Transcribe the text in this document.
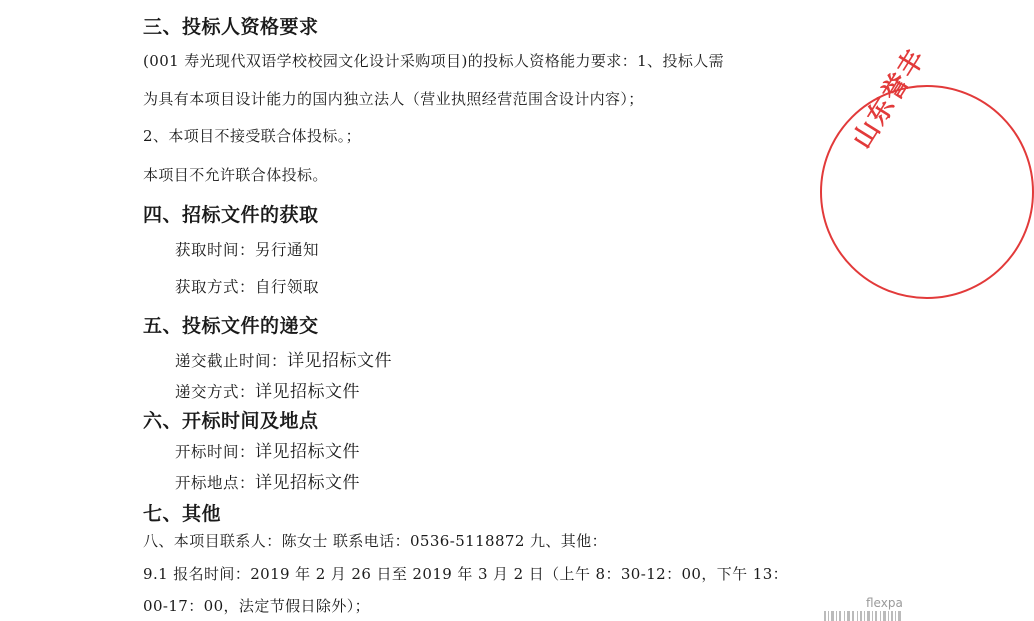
三、投标人资格要求
(001 寿光现代双语学校校园文化设计采购项目)的投标人资格能力要求：1、投标人需
为具有本项目设计能力的国内独立法人（营业执照经营范围含设计内容）；
2、本项目不接受联合体投标。；
本项目不允许联合体投标。
四、招标文件的获取
获取时间：另行通知
获取方式：自行领取
五、投标文件的递交
递交截止时间：详见招标文件
递交方式：详见招标文件
六、开标时间及地点
开标时间：详见招标文件
开标地点：详见招标文件
七、其他
八、本项目联系人：陈女士 联系电话：0536-5118872 九、其他：
9.1 报名时间：2019 年 2 月 26 日至 2019 年 3 月 2 日（上午 8：30-12：00，下午 13：
00-17：00，法定节假日除外）；
山东誉丰
flexpa
